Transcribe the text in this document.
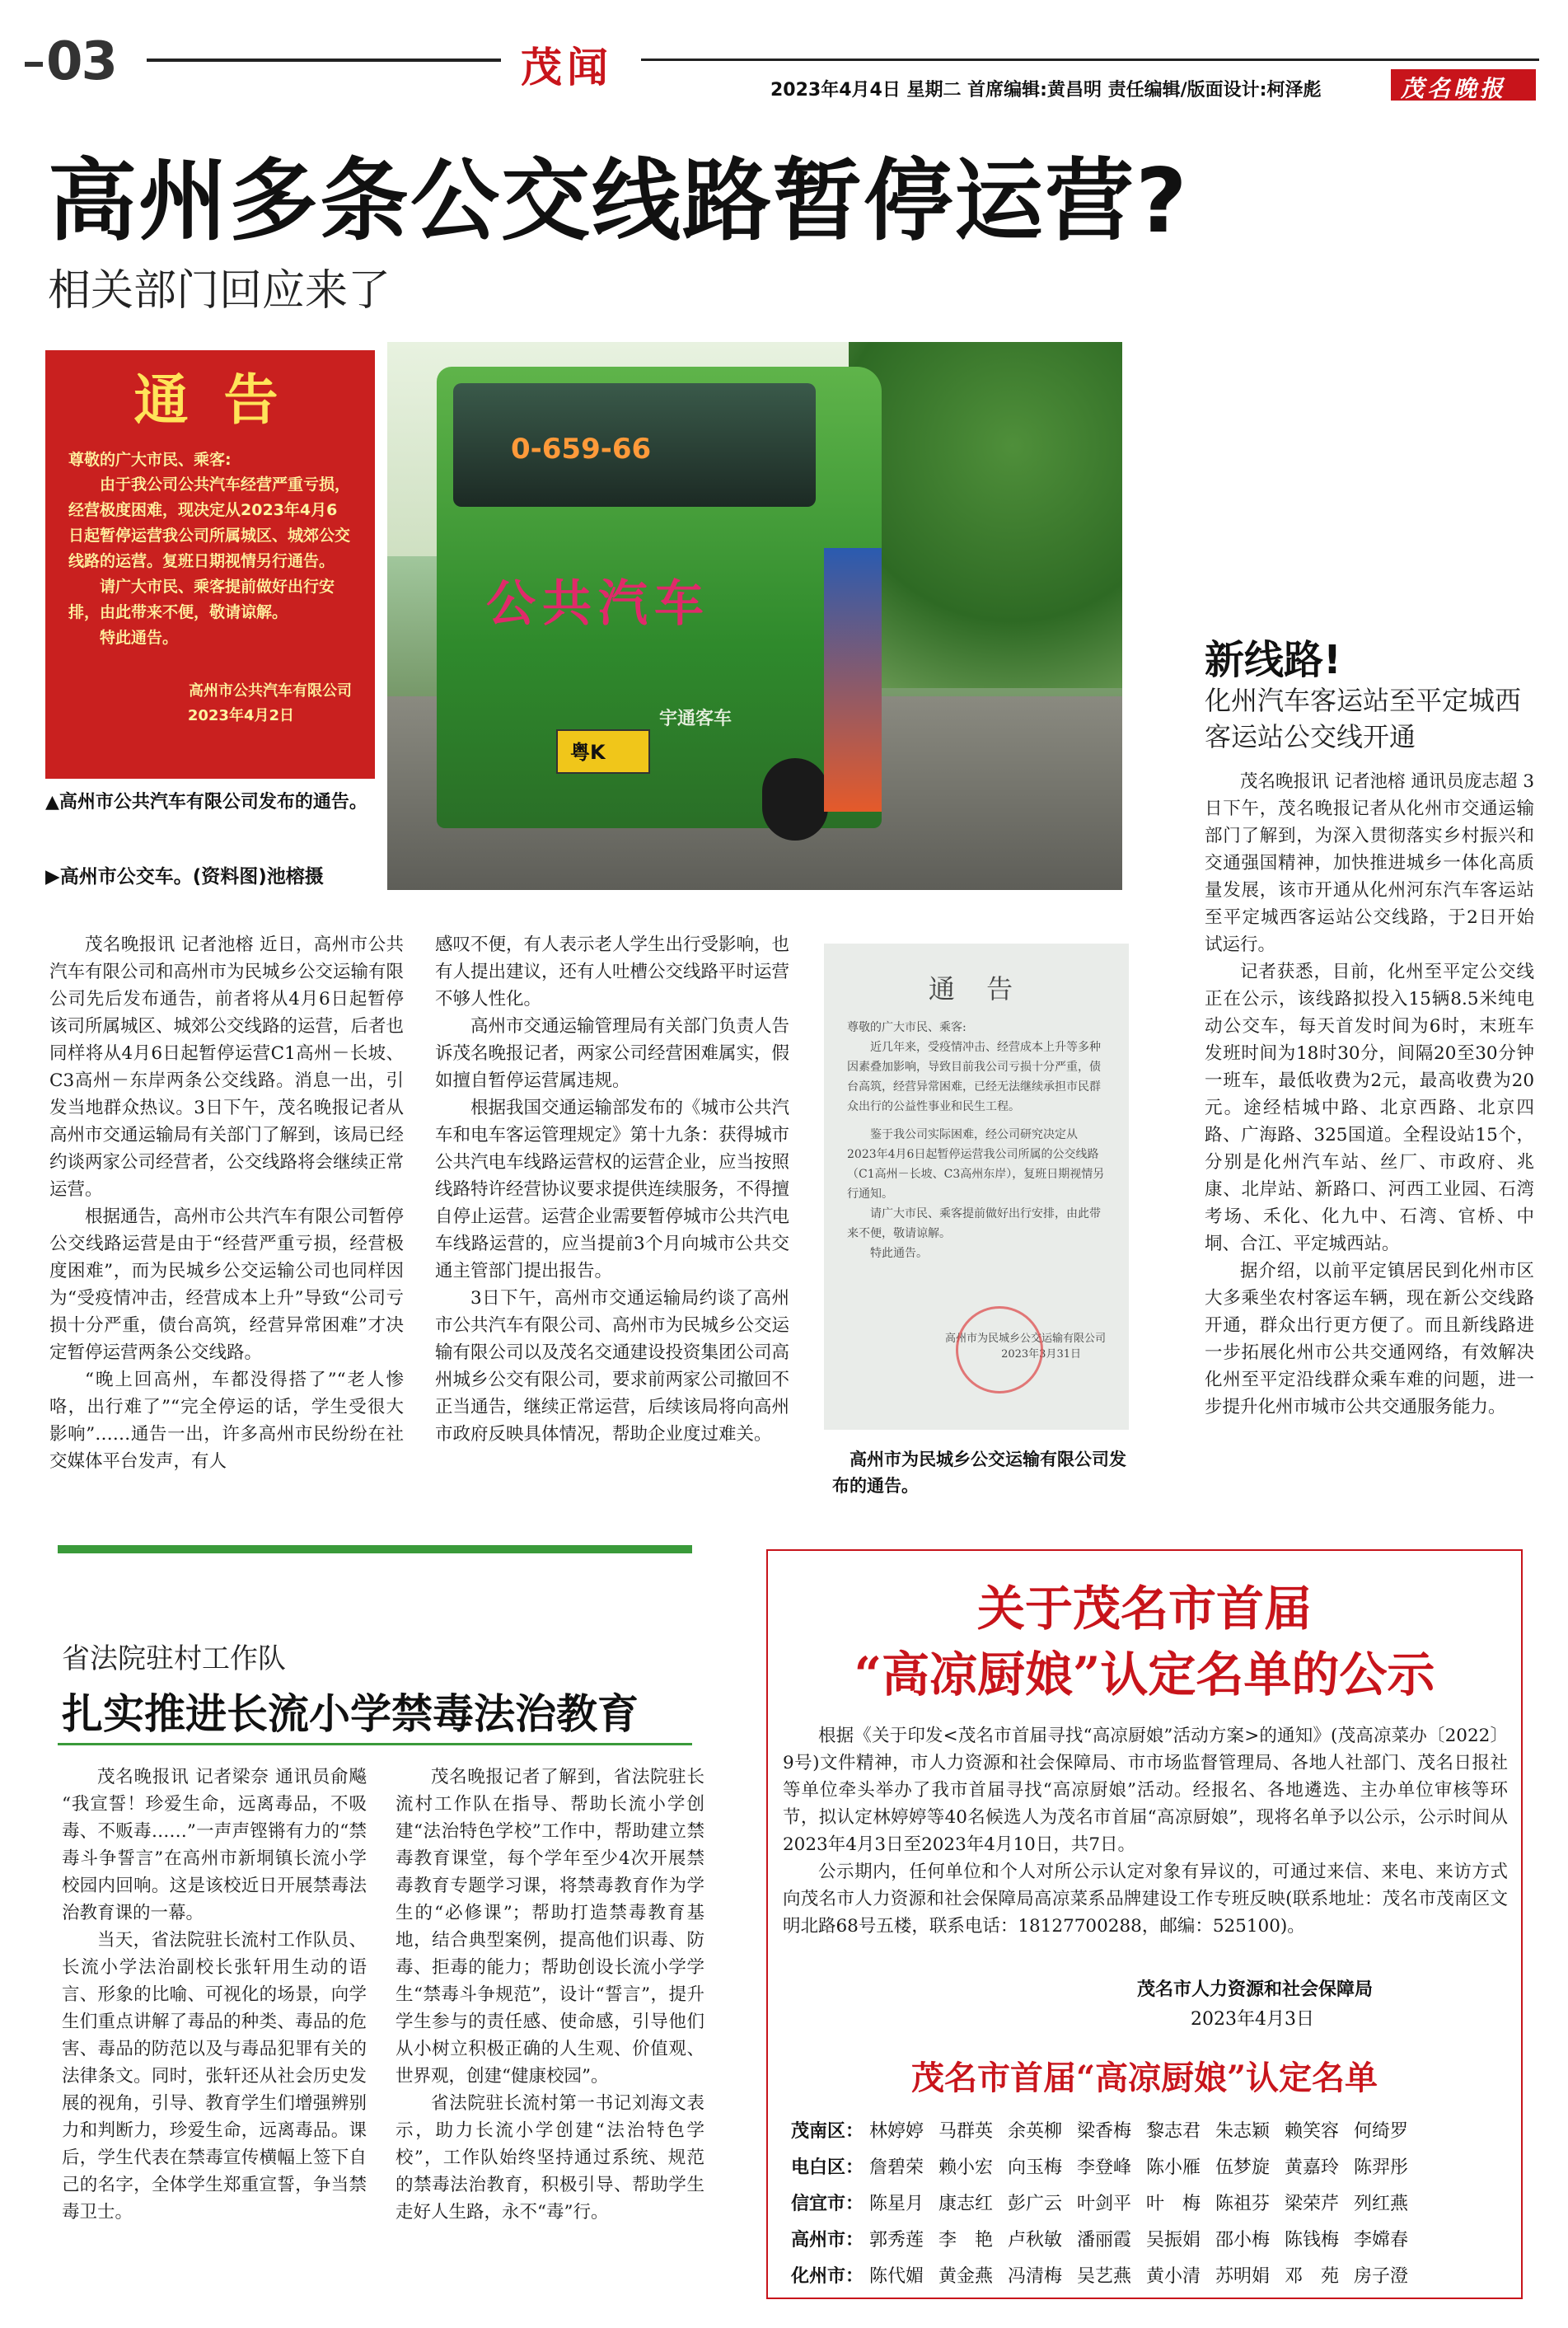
03	茂闻	2023年4月4日 星期二 首席编辑:黄昌明 责任编辑/版面设计:柯泽彪	茂名晚报
高州多条公交线路暂停运营?
相关部门回应来了
通 告

尊敬的广大市民、乘客:

由于我公司公共汽车经营严重亏损，经营极度困难，现决定从2023年4月6日起暂停运营我公司所属城区、城郊公交线路的运营。复班日期视情另行通告。

请广大市民、乘客提前做好出行安排，由此带来不便，敬请谅解。

特此通告。

高州市公共汽车有限公司

2023年4月2日

▲高州市公共汽车有限公司发布的通告。
▶高州市公交车。(资料图)池榕摄
0-659-66
公共汽车
宇通客车
粤K

茂名晚报讯 记者池榕 近日，高州市公共汽车有限公司和高州市为民城乡公交运输有限公司先后发布通告，前者将从4月6日起暂停该司所属城区、城郊公交线路的运营，后者也同样将从4月6日起暂停运营C1高州－长坡、C3高州－东岸两条公交线路。消息一出，引发当地群众热议。3日下午，茂名晚报记者从高州市交通运输局有关部门了解到，该局已经约谈两家公司经营者，公交线路将会继续正常运营。

根据通告，高州市公共汽车有限公司暂停公交线路运营是由于“经营严重亏损，经营极度困难”，而为民城乡公交运输公司也同样因为“受疫情冲击，经营成本上升”导致“公司亏损十分严重，债台高筑，经营异常困难”才决定暂停运营两条公交线路。

“晚上回高州，车都没得搭了”“老人惨咯，出行难了”“完全停运的话，学生受很大影响”……通告一出，许多高州市民纷纷在社交媒体平台发声，有人

感叹不便，有人表示老人学生出行受影响，也有人提出建议，还有人吐槽公交线路平时运营不够人性化。

高州市交通运输管理局有关部门负责人告诉茂名晚报记者，两家公司经营困难属实，假如擅自暂停运营属违规。

根据我国交通运输部发布的《城市公共汽车和电车客运管理规定》第十九条：获得城市公共汽电车线路运营权的运营企业，应当按照线路特许经营协议要求提供连续服务，不得擅自停止运营。运营企业需要暂停城市公共汽电车线路运营的，应当提前3个月向城市公共交通主管部门提出报告。

3日下午，高州市交通运输局约谈了高州市公共汽车有限公司、高州市为民城乡公交运输有限公司以及茂名交通建设投资集团公司高州城乡公交有限公司，要求前两家公司撤回不正当通告，继续正常运营，后续该局将向高州市政府反映具体情况，帮助企业度过难关。

通 告
尊敬的广大市民、乘客:
近几年来，受疫情冲击、经营成本上升等多种因素叠加影响，导致目前我公司亏损十分严重，债台高筑，经营异常困难，已经无法继续承担市民群众出行的公益性事业和民生工程。
鉴于我公司实际困难，经公司研究决定从2023年4月6日起暂停运营我公司所属的公交线路（C1高州－长坡、C3高州东岸），复班日期视情另行通知。
请广大市民、乘客提前做好出行安排，由此带来不便，敬请谅解。
特此通告。
高州市为民城乡公交运输有限公司
2023年3月31日
高州市为民城乡公交运输有限公司发布的通告。
新线路!
化州汽车客运站至平定城西客运站公交线开通

茂名晚报讯 记者池榕 通讯员庞志超 3日下午，茂名晚报记者从化州市交通运输部门了解到，为深入贯彻落实乡村振兴和交通强国精神，加快推进城乡一体化高质量发展，该市开通从化州河东汽车客运站至平定城西客运站公交线路，于2日开始试运行。

记者获悉，目前，化州至平定公交线正在公示，该线路拟投入15辆8.5米纯电动公交车，每天首发时间为6时，末班车发班时间为18时30分，间隔20至30分钟一班车，最低收费为2元，最高收费为20元。途经桔城中路、北京西路、北京四路、广海路、325国道。全程设站15个，分别是化州汽车站、丝厂、市政府、兆康、北岸站、新路口、河西工业园、石湾考场、禾化、化九中、石湾、官桥、中垌、合江、平定城西站。

据介绍，以前平定镇居民到化州市区大多乘坐农村客运车辆，现在新公交线路开通，群众出行更方便了。而且新线路进一步拓展化州市公共交通网络，有效解决化州至平定沿线群众乘车难的问题，进一步提升化州市城市公共交通服务能力。

省法院驻村工作队
扎实推进长流小学禁毒法治教育

茂名晚报讯 记者梁奈 通讯员俞飚 “我宣誓！珍爱生命，远离毒品，不吸毒、不贩毒……”一声声铿锵有力的“禁毒斗争誓言”在高州市新垌镇长流小学校园内回响。这是该校近日开展禁毒法治教育课的一幕。

当天，省法院驻长流村工作队员、长流小学法治副校长张轩用生动的语言、形象的比喻、可视化的场景，向学生们重点讲解了毒品的种类、毒品的危害、毒品的防范以及与毒品犯罪有关的法律条文。同时，张轩还从社会历史发展的视角，引导、教育学生们增强辨别力和判断力，珍爱生命，远离毒品。课后，学生代表在禁毒宣传横幅上签下自己的名字，全体学生郑重宣誓，争当禁毒卫士。

茂名晚报记者了解到，省法院驻长流村工作队在指导、帮助长流小学创建“法治特色学校”工作中，帮助建立禁毒教育课堂，每个学年至少4次开展禁毒教育专题学习课，将禁毒教育作为学生的“必修课”；帮助打造禁毒教育基地，结合典型案例，提高他们识毒、防毒、拒毒的能力；帮助创设长流小学学生“禁毒斗争规范”，设计“誓言”，提升学生参与的责任感、使命感，引导他们从小树立积极正确的人生观、价值观、世界观，创建“健康校园”。

省法院驻长流村第一书记刘海文表示，助力长流小学创建“法治特色学校”，工作队始终坚持通过系统、规范的禁毒法治教育，积极引导、帮助学生走好人生路，永不“毒”行。

关于茂名市首届
“高凉厨娘”认定名单的公示

根据《关于印发<茂名市首届寻找“高凉厨娘”活动方案>的通知》(茂高凉菜办〔2022〕9号)文件精神，市人力资源和社会保障局、市市场监督管理局、各地人社部门、茂名日报社等单位牵头举办了我市首届寻找“高凉厨娘”活动。经报名、各地遴选、主办单位审核等环节，拟认定林婷婷等40名候选人为茂名市首届“高凉厨娘”，现将名单予以公示，公示时间从2023年4月3日至2023年4月10日，共7日。

公示期内，任何单位和个人对所公示认定对象有异议的，可通过来信、来电、来访方式向茂名市人力资源和社会保障局高凉菜系品牌建设工作专班反映(联系地址：茂名市茂南区文明北路68号五楼，联系电话：18127700288，邮编：525100)。

茂名市人力资源和社会保障局
2023年4月3日
茂名市首届“高凉厨娘”认定名单
茂南区： 林婷婷 马群英 余英柳 梁香梅 黎志君 朱志颖 赖笑容 何绮罗
电白区： 詹碧荣 赖小宏 向玉梅 李登峰 陈小雁 伍梦旋 黄嘉玲 陈羿彤
信宜市： 陈星月 康志红 彭广云 叶剑平 叶　梅 陈祖芬 梁荣芹 列红燕
高州市： 郭秀莲 李　艳 卢秋敏 潘丽霞 吴振娟 邵小梅 陈钱梅 李嫦春
化州市： 陈代媚 黄金燕 冯清梅 吴艺燕 黄小清 苏明娟 邓　苑 房子澄
